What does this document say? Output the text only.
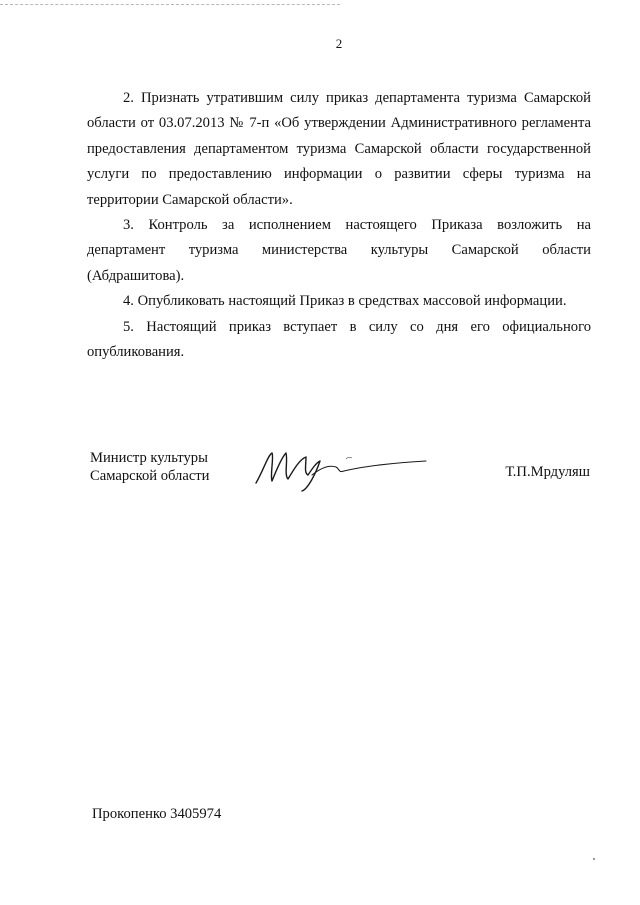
2

2. Признать утратившим силу приказ департамента туризма Самарской области от 03.07.2013 № 7-п «Об утверждении Административного регламента предоставления департаментом туризма Самарской области государственной услуги по предоставлению информации о развитии сферы туризма на территории Самарской области».

3. Контроль за исполнением настоящего Приказа возложить на департамент туризма министерства культуры Самарской области (Абдрашитова).

4. Опубликовать настоящий Приказ в средствах массовой информации.

5. Настоящий приказ вступает в силу со дня его официального опубликования.

Министр культуры
Самарской области	Т.П.Мрдуляш
Прокопенко 3405974
